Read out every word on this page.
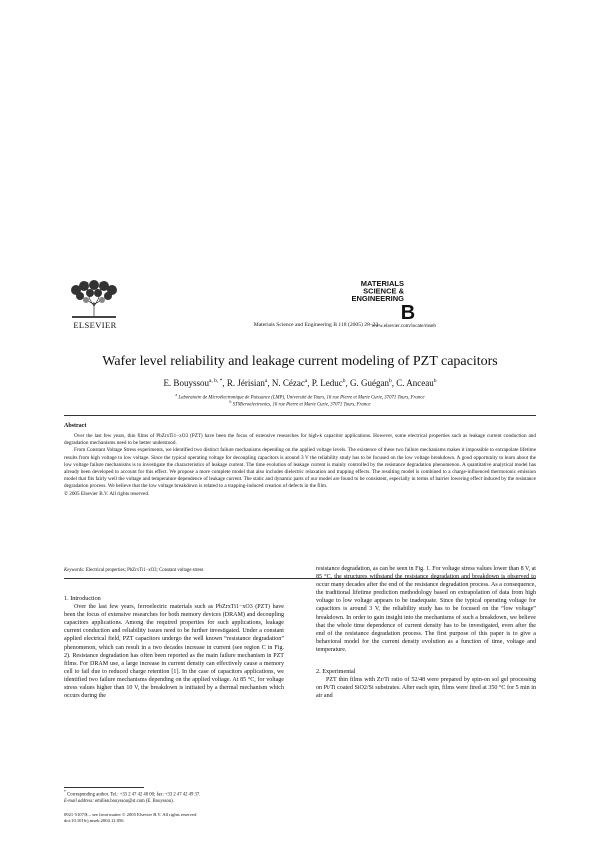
ELSEVIER	Materials Science and Engineering B 118 (2005) 28–33
MATERIALS
SCIENCE &
ENGINEERING
B
www.elsevier.com/locate/mseb
Wafer level reliability and leakage current modeling of PZT capacitors
E. Bouyssou$^{a, b, *}$, R. Jérisian$^a$, N. Cézac$^a$, P. Leduc$^b$, G. Guégan$^b$, C. Anceau$^b$
$^a$ Laboratoire de Microélectronique de Puissance (LMP), Université de Tours, 16 rue Pierre et Marie Curie, 37071 Tours, France
$^b$ STMicroelectronics, 16 rue Pierre et Marie Curie, 37071 Tours, France
Abstract

Over the last few years, thin films of PbZrxTi1−xO3 (PZT) have been the focus of extensive researches for high-k capacitor applications. However, some electrical properties such as leakage current conduction and degradation mechanisms need to be better understood.

From Constant Voltage Stress experiments, we identified two distinct failure mechanisms depending on the applied voltage levels. The existence of these two failure mechanisms makes it impossible to extrapolate lifetime results from high voltage to low voltage. Since the typical operating voltage for decoupling capacitors is around 3 V the reliability study has to be focused on the low voltage breakdown. A good opportunity to learn about the low voltage failure mechanisms is to investigate the characteristics of leakage current. The time evolution of leakage current is mainly controlled by the resistance degradation phenomenon. A quantitative analytical model has already been developed to account for this effect. We propose a more complete model that also includes dielectric relaxation and trapping effects. The resulting model is combined to a charge-influenced thermoionic emission model that fits fairly well the voltage and temperature dependence of leakage current. The static and dynamic parts of our model are found to be consistent, especially in terms of barrier lowering effect induced by the resistance degradation process. We believe that the low voltage breakdown is related to a trapping-induced creation of defects in the film.

© 2005 Elsevier B.V. All rights reserved.

Keywords: Electrical properties; PbZrxTi1−xO3; Constant voltage stress

1. Introduction

Over the last few years, ferroelectric materials such as PbZrxTi1−xO3 (PZT) have been the focus of extensive researches for both memory devices (DRAM) and decoupling capacitors applications. Among the required properties for such applications, leakage current conduction and reliability issues need to be further investigated. Under a constant applied electrical field, PZT capacitors undergo the well known “resistance degradation” phenomenon, which can result in a two decades increase in current (see region C in Fig. 2). Resistance degradation has often been reported as the main failure mechanism in PZT films. For DRAM use, a large increase in current density can effectively cause a memory cell to fail due to reduced charge retention [1]. In the case of capacitors applications, we identified two failure mechanisms depending on the applied voltage. At 85 °C, for voltage stress values higher than 10 V, the breakdown is initiated by a thermal mechanism which occurs during the

resistance degradation, as can be seen in Fig. 1. For voltage stress values lower than 8 V, at 85 °C, the structures withstand the resistance degradation and breakdown is observed to occur many decades after the end of the resistance degradation process. As a consequence, the traditional lifetime prediction methodology based on extrapolation of data from high voltage to low voltage appears to be inadequate. Since the typical operating voltage for capacitors is around 3 V, the reliability study has to be focused on the “low voltage” breakdown. In order to gain insight into the mechanisms of such a breakdown, we believe that the whole time dependence of current density has to be investigated, even after the end of the resistance degradation process. The first purpose of this paper is to give a behavioral model for the current density evolution as a function of time, voltage and temperature.

2. Experimental

PZT thin films with Zr/Ti ratio of 52/48 were prepared by spin-on sol gel processing on Pt/Ti coated SiO2/Si substrates. After each spin, films were fired at 350 °C for 5 min in air and

* Corresponding author. Tel.: +33 2 47 42 40 00; fax: +33 2 47 42 49 37.
E-mail address: emilien.bouyssou@st.com (E. Bouyssou).
0921-5107/$ – see front matter © 2005 Elsevier B.V. All rights reserved
doi:10.1016/j.mseb.2004.12.056
